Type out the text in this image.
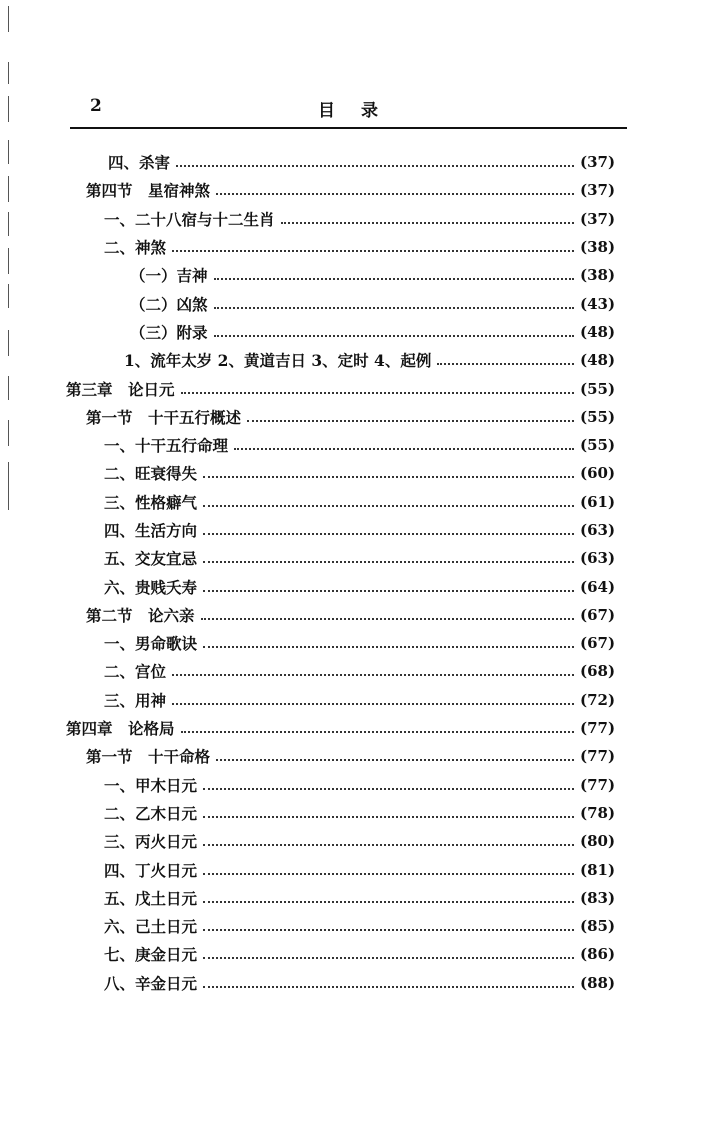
2	目录
四、杀害	(37)
第四节　星宿神煞	(37)
一、二十八宿与十二生肖	(37)
二、神煞	(38)
（一）吉神	(38)
（二）凶煞	(43)
（三）附录	(48)
1、流年太岁 2、黄道吉日 3、定时 4、起例	(48)
第三章　论日元	(55)
第一节　十干五行概述	(55)
一、十干五行命理	(55)
二、旺衰得失	(60)
三、性格癖气	(61)
四、生活方向	(63)
五、交友宜忌	(63)
六、贵贱夭寿	(64)
第二节　论六亲	(67)
一、男命歌诀	(67)
二、宫位	(68)
三、用神	(72)
第四章　论格局	(77)
第一节　十干命格	(77)
一、甲木日元	(77)
二、乙木日元	(78)
三、丙火日元	(80)
四、丁火日元	(81)
五、戊土日元	(83)
六、己土日元	(85)
七、庚金日元	(86)
八、辛金日元	(88)
